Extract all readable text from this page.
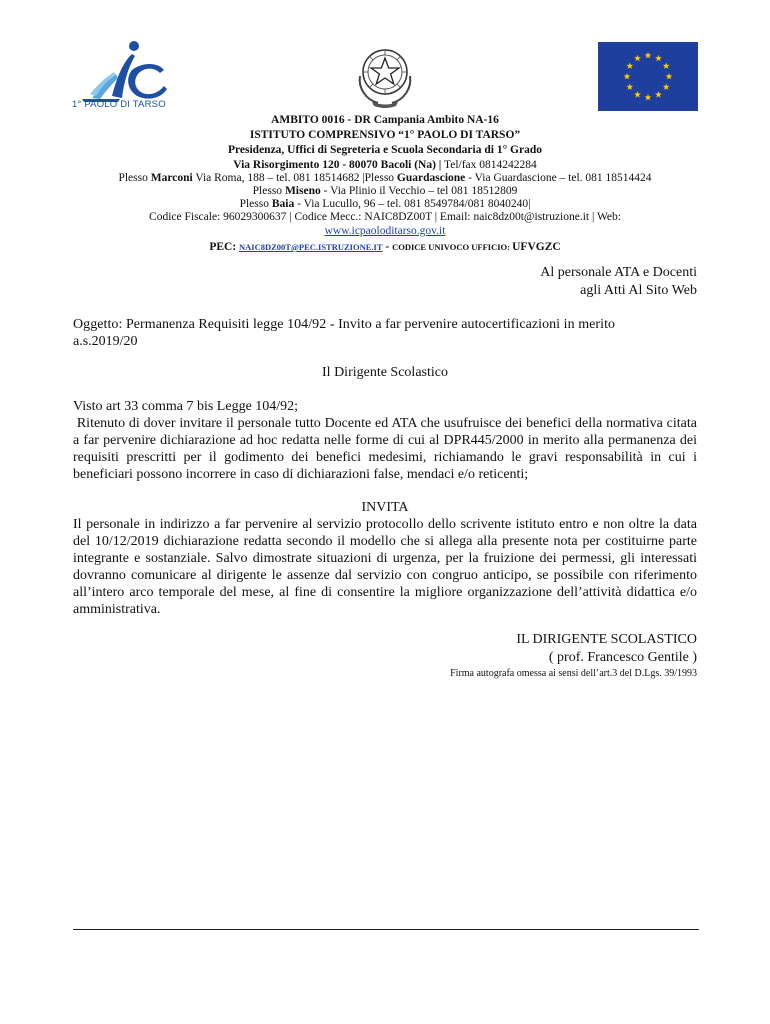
1° PAOLO DI TARSO
AMBITO 0016 - DR Campania Ambito NA-16
ISTITUTO COMPRENSIVO “1° PAOLO DI TARSO”
Presidenza, Uffici di Segreteria e Scuola Secondaria di 1° Grado
Via Risorgimento 120 - 80070 Bacoli (Na) | Tel/fax 0814242284
Plesso Marconi Via Roma, 188 – tel. 081 18514682 |Plesso Guardascione - Via Guardascione – tel. 081 18514424
Plesso Miseno - Via Plinio il Vecchio – tel 081 18512809
Plesso Baia - Via Lucullo, 96 – tel. 081 8549784/081 8040240|
Codice Fiscale: 96029300637 | Codice Mecc.: NAIC8DZ00T | Email: naic8dz00t@istruzione.it | Web:
www.icpaoloditarso.gov.it
PEC: NAIC8DZ00T@PEC.ISTRUZIONE.IT - CODICE UNIVOCO UFFICIO: UFVGZC
Al personale ATA e Docenti
agli Atti Al Sito Web
Oggetto: Permanenza Requisiti legge 104/92 - Invito a far pervenire autocertificazioni in merito
a.s.2019/20
Il Dirigente Scolastico
Visto art 33 comma 7 bis Legge 104/92;
Ritenuto di dover invitare il personale tutto Docente ed ATA che usufruisce dei benefici della normativa citata a far pervenire dichiarazione ad hoc redatta nelle forme di cui al DPR445/2000 in merito alla permanenza dei requisiti prescritti per il godimento dei benefici medesimi, richiamando le gravi responsabilità in cui i beneficiari possono incorrere in caso di dichiarazioni false, mendaci e/o reticenti;
INVITA
Il personale in indirizzo a far pervenire al servizio protocollo dello scrivente istituto entro e non oltre la data del 10/12/2019 dichiarazione redatta secondo il modello che si allega alla presente nota per costituirne parte integrante e sostanziale. Salvo dimostrate situazioni di urgenza, per la fruizione dei permessi, gli interessati dovranno comunicare al dirigente le assenze dal servizio con congruo anticipo, se possibile con riferimento all’intero arco temporale del mese, al fine di consentire la migliore organizzazione dell’attività didattica e/o amministrativa.
IL DIRIGENTE SCOLASTICO
( prof. Francesco Gentile )
Firma autografa omessa ai sensi dell’art.3 del D.Lgs. 39/1993
